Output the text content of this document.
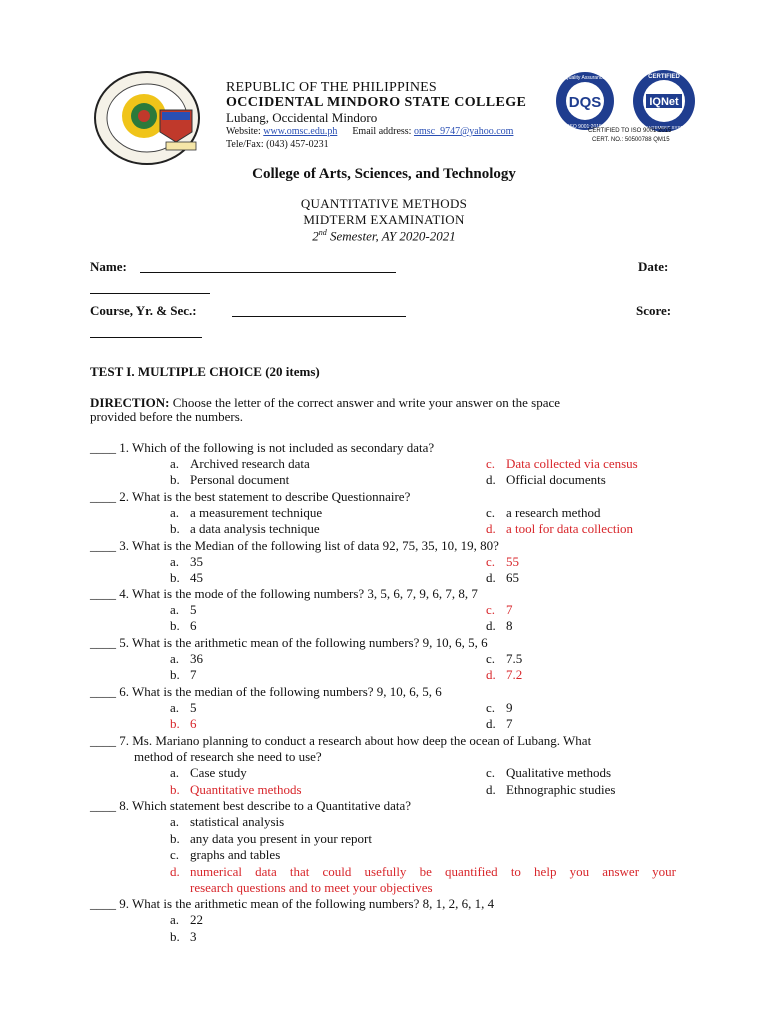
REPUBLIC OF THE PHILIPPINES
OCCIDENTAL MINDORO STATE COLLEGE
Lubang, Occidental Mindoro
Website: www.omsc.edu.ph Email address: omsc_9747@yahoo.com
Tele/Fax: (043) 457-0231
DQS
Quality Assurance
ISO 9001:2015
IQNet
CERTIFIED
MANAGEMENT SYSTEM
CERTIFIED TO ISO 9001:2015
CERT. NO.: 50500788 QM15
College of Arts, Sciences, and Technology
QUANTITATIVE METHODS
MIDTERM EXAMINATION
2nd Semester, AY 2020-2021
Name:	Date:
Course, Yr. & Sec.:	Score:
TEST I. MULTIPLE CHOICE (20 items)
DIRECTION: Choose the letter of the correct answer and write your answer on the space
provided before the numbers.
____ 1. Which of the following is not included as secondary data?
a. Archived research data	c. Data collected via census
b. Personal document	d. Official documents
____ 2. What is the best statement to describe Questionnaire?
a. a measurement technique	c. a research method
b. a data analysis technique	d. a tool for data collection
____ 3. What is the Median of the following list of data 92, 75, 35, 10, 19, 80?
a. 35	c. 55
b. 45	d. 65
____ 4. What is the mode of the following numbers? 3, 5, 6, 7, 9, 6, 7, 8, 7
a. 5	c. 7
b. 6	d. 8
____ 5. What is the arithmetic mean of the following numbers? 9, 10, 6, 5, 6
a. 36	c. 7.5
b. 7	d. 7.2
____ 6. What is the median of the following numbers? 9, 10, 6, 5, 6
a. 5	c. 9
b. 6	d. 7
____ 7. Ms. Mariano planning to conduct a research about how deep the ocean of Lubang. What
method of research she need to use?
a. Case study	c. Qualitative methods
b. Quantitative methods	d. Ethnographic studies
____ 8. Which statement best describe to a Quantitative data?
a. statistical analysis
b. any data you present in your report
c. graphs and tables
d. numerical data that could usefully be quantified to help you answer your
research questions and to meet your objectives
____ 9. What is the arithmetic mean of the following numbers? 8, 1, 2, 6, 1, 4
a. 22
b. 3
